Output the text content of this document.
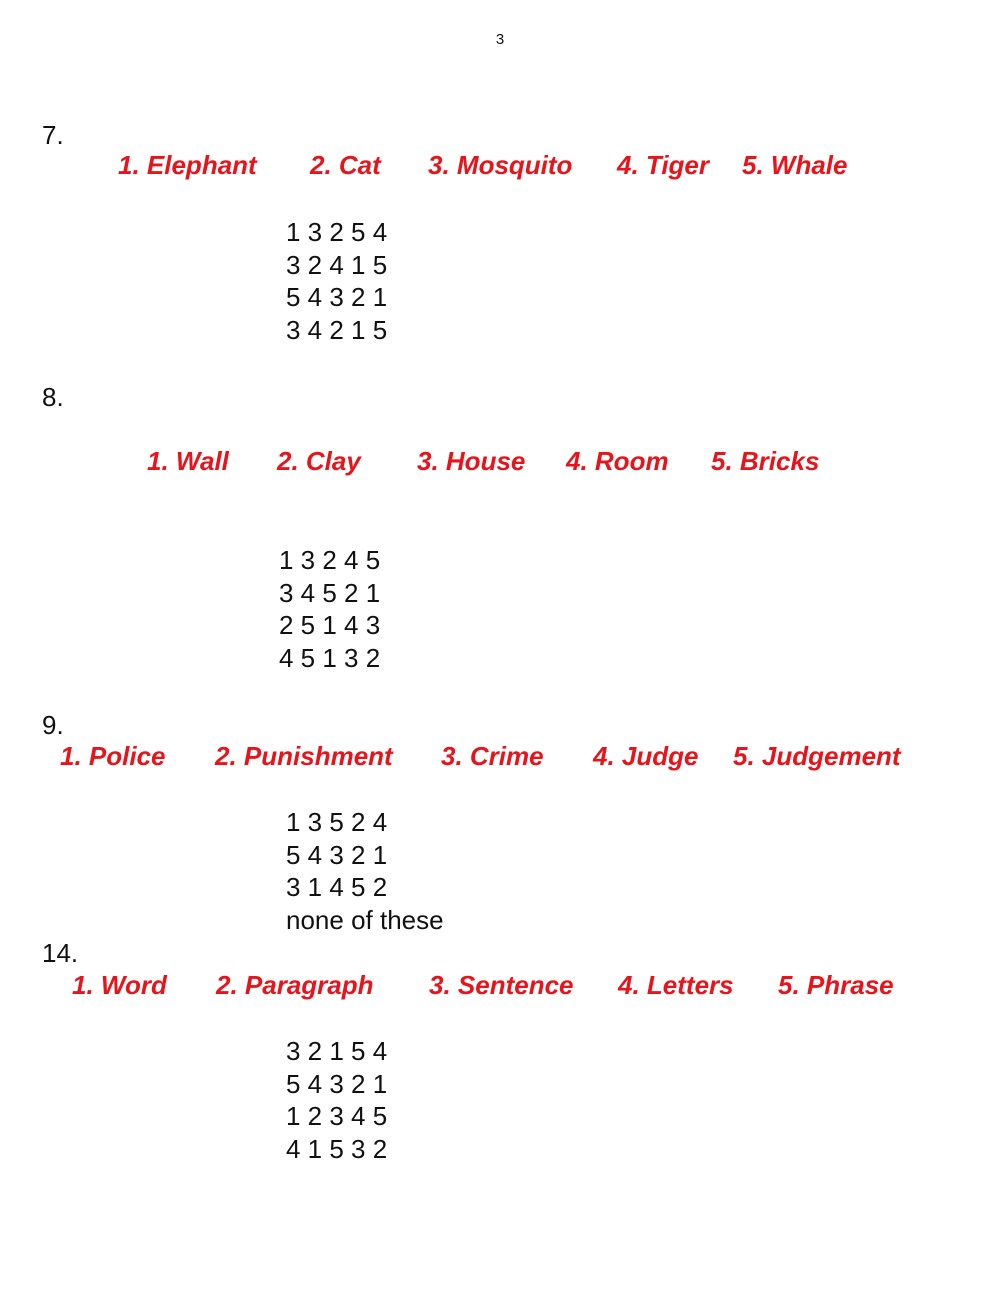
3
7.
1. Elephant 2. Cat 3. Mosquito 4. Tiger 5. Whale
1 3 2 5 4
3 2 4 1 5
5 4 3 2 1
3 4 2 1 5
8.
1. Wall 2. Clay 3. House 4. Room 5. Bricks
1 3 2 4 5
3 4 5 2 1
2 5 1 4 3
4 5 1 3 2
9.
1. Police 2. Punishment 3. Crime 4. Judge 5. Judgement
1 3 5 2 4
5 4 3 2 1
3 1 4 5 2
none of these
14.
1. Word 2. Paragraph 3. Sentence 4. Letters 5. Phrase
3 2 1 5 4
5 4 3 2 1
1 2 3 4 5
4 1 5 3 2
